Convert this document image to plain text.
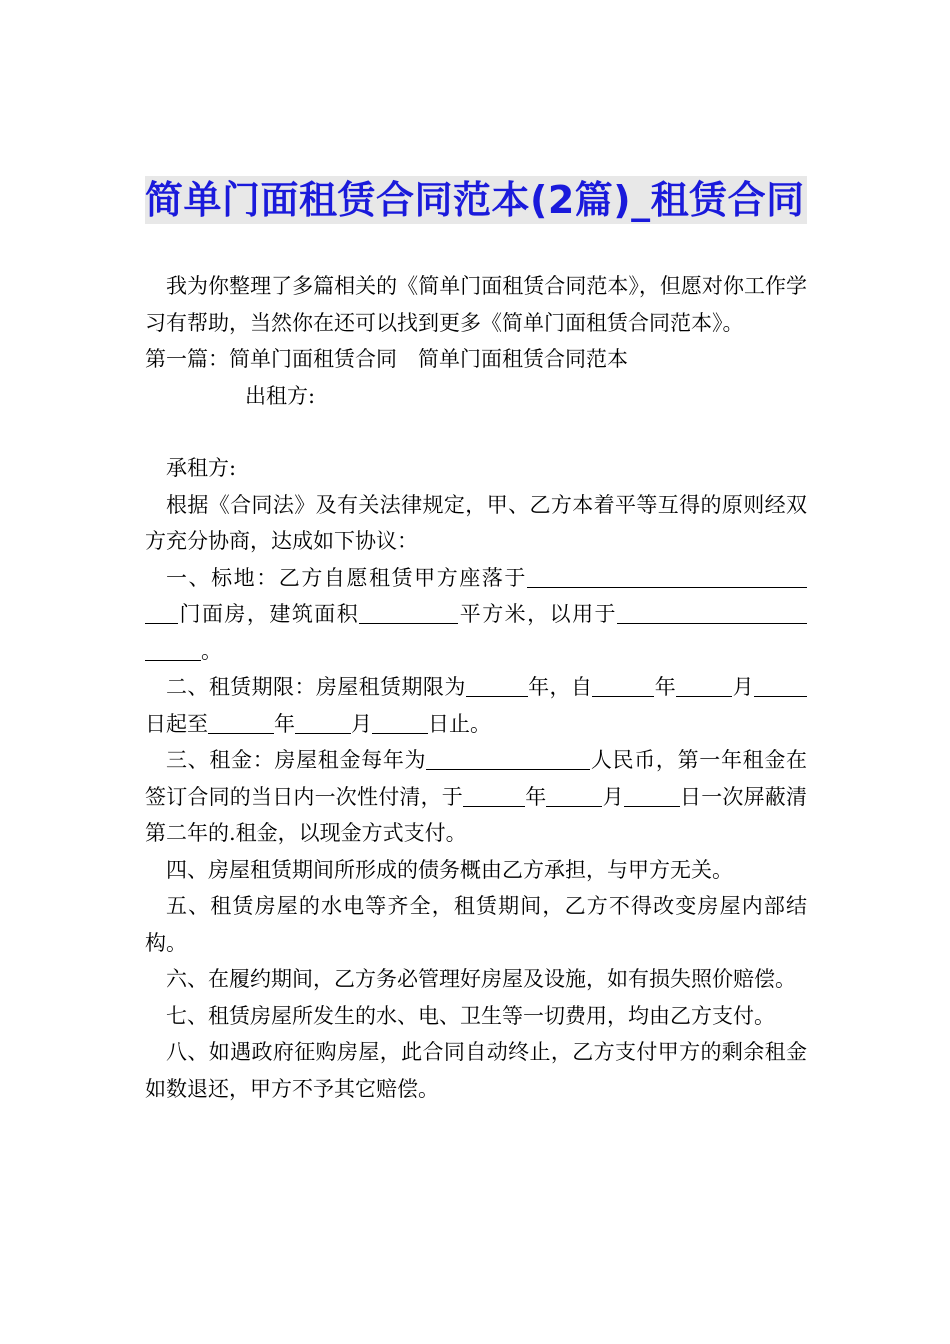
简单门面租赁合同范本(2篇)_租赁合同

我为你整理了多篇相关的《简单门面租赁合同范本》，但愿对你工作学习有帮助，当然你在还可以找到更多《简单门面租赁合同范本》。

第一篇：简单门面租赁合同　简单门面租赁合同范本

出租方:

承租方:

根据《合同法》及有关法律规定，甲、乙方本着平等互得的原则经双方充分协商，达成如下协议：

一、标地：乙方自愿租赁甲方座落于门面房，建筑面积	平方米，以用于。

二、租赁期限：房屋租赁期限为	年，自	年	月日起至	年	月	日止。

三、租金：房屋租金每年为	人民币，第一年租金在签订合同的当日内一次性付清，于	年	月	日一次屏蔽清第二年的.租金，以现金方式支付。

四、房屋租赁期间所形成的债务概由乙方承担，与甲方无关。

五、租赁房屋的水电等齐全，租赁期间，乙方不得改变房屋内部结构。

六、在履约期间，乙方务必管理好房屋及设施，如有损失照价赔偿。

七、租赁房屋所发生的水、电、卫生等一切费用，均由乙方支付。

八、如遇政府征购房屋，此合同自动终止，乙方支付甲方的剩余租金如数退还，甲方不予其它赔偿。
